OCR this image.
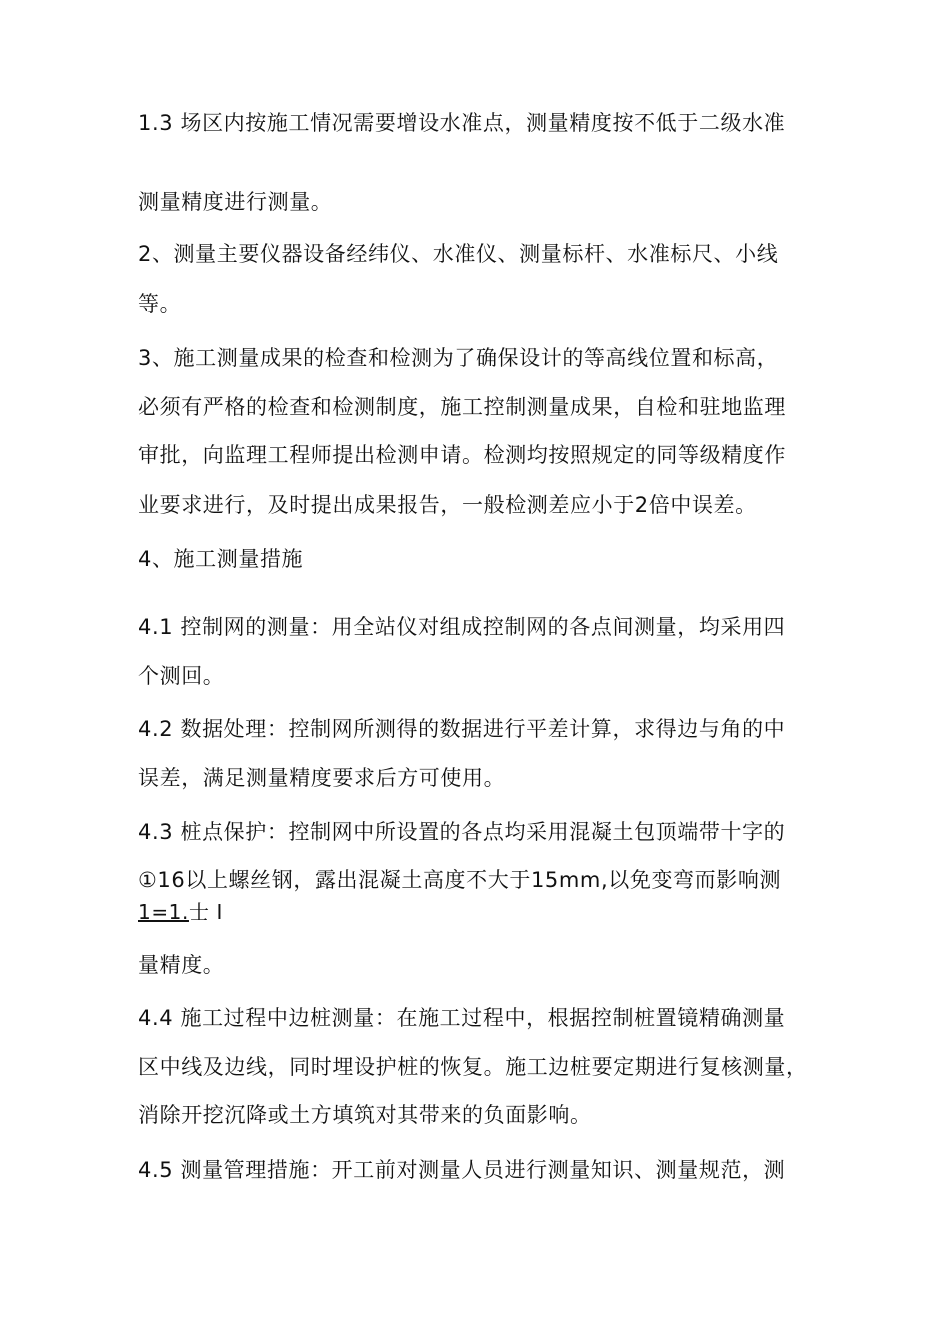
1.3 场区内按施工情况需要增设水准点，测量精度按不低于二级水准
测量精度进行测量。
2、测量主要仪器设备经纬仪、水准仪、测量标杆、水准标尺、小线
等。
3、施工测量成果的检查和检测为了确保设计的等高线位置和标高，
必须有严格的检查和检测制度，施工控制测量成果，自检和驻地监理
审批，向监理工程师提出检测申请。检测均按照规定的同等级精度作
业要求进行，及时提出成果报告，一般检测差应小于2倍中误差。
4、施工测量措施
4.1 控制网的测量：用全站仪对组成控制网的各点间测量，均采用四
个测回。
4.2 数据处理：控制网所测得的数据进行平差计算，求得边与角的中
误差，满足测量精度要求后方可使用。
4.3 桩点保护：控制网中所设置的各点均采用混凝土包顶端带十字的
①16以上螺丝钢，露出混凝土高度不大于15mm,以免变弯而影响测
1=1.士 I
量精度。
4.4 施工过程中边桩测量：在施工过程中，根据控制桩置镜精确测量
区中线及边线，同时埋设护桩的恢复。施工边桩要定期进行复核测量，
消除开挖沉降或土方填筑对其带来的负面影响。
4.5 测量管理措施：开工前对测量人员进行测量知识、测量规范，测
